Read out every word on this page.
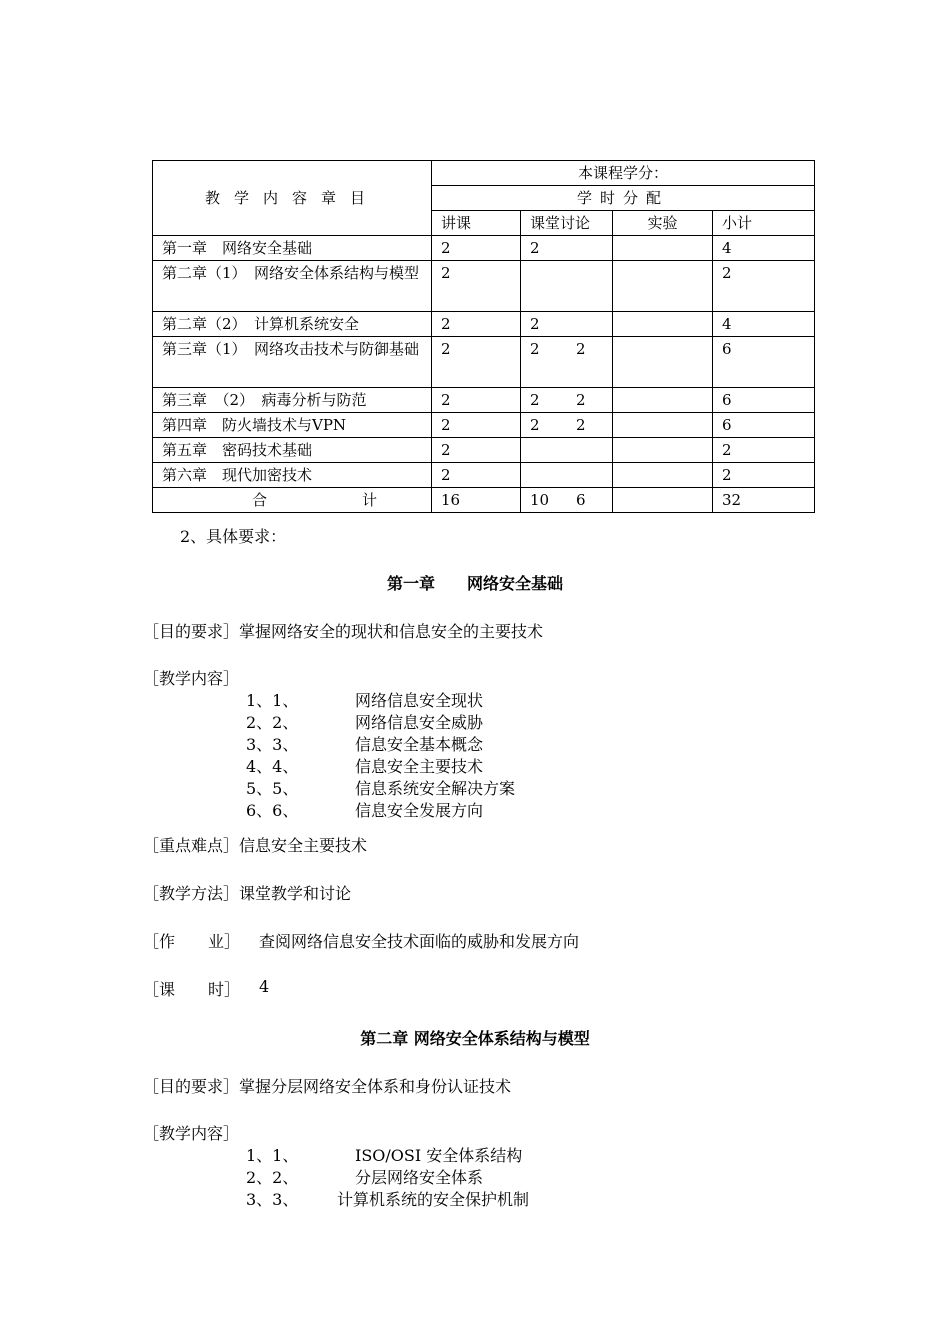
教学内容章目	本课程学分：			
	学时分配			
	讲课	课堂讨论	实验	小计
第一章　网络安全基础	2	2		4
第二章（1）　网络安全体系结构与模型	2			2
第二章（2）　计算机系统安全	2	2		4
第三章（1）　网络攻击技术与防御基础	2	2 2		6
第三章　（2）　病毒分析与防范	2	2 2		6
第四章　防火墙技术与VPN	2	2 2		6
第五章　密码技术基础	2			2
第六章　现代加密技术	2			2
合 计	16	10 6		32
2、具体要求：
第一章　　网络安全基础
［目的要求］掌握网络安全的现状和信息安全的主要技术
［教学内容］
1、1、	网络信息安全现状
2、2、	网络信息安全威胁
3、3、	信息安全基本概念
4、4、	信息安全主要技术
5、5、	信息系统安全解决方案
6、6、	信息安全发展方向
［重点难点］信息安全主要技术
［教学方法］课堂教学和讨论
［作 业］ 查阅网络信息安全技术面临的威胁和发展方向
［课 时］ 4
第二章 网络安全体系结构与模型
［目的要求］掌握分层网络安全体系和身份认证技术
［教学内容］
1、1、	ISO/OSI 安全体系结构
2、2、	分层网络安全体系
3、3、 计算机系统的安全保护机制
